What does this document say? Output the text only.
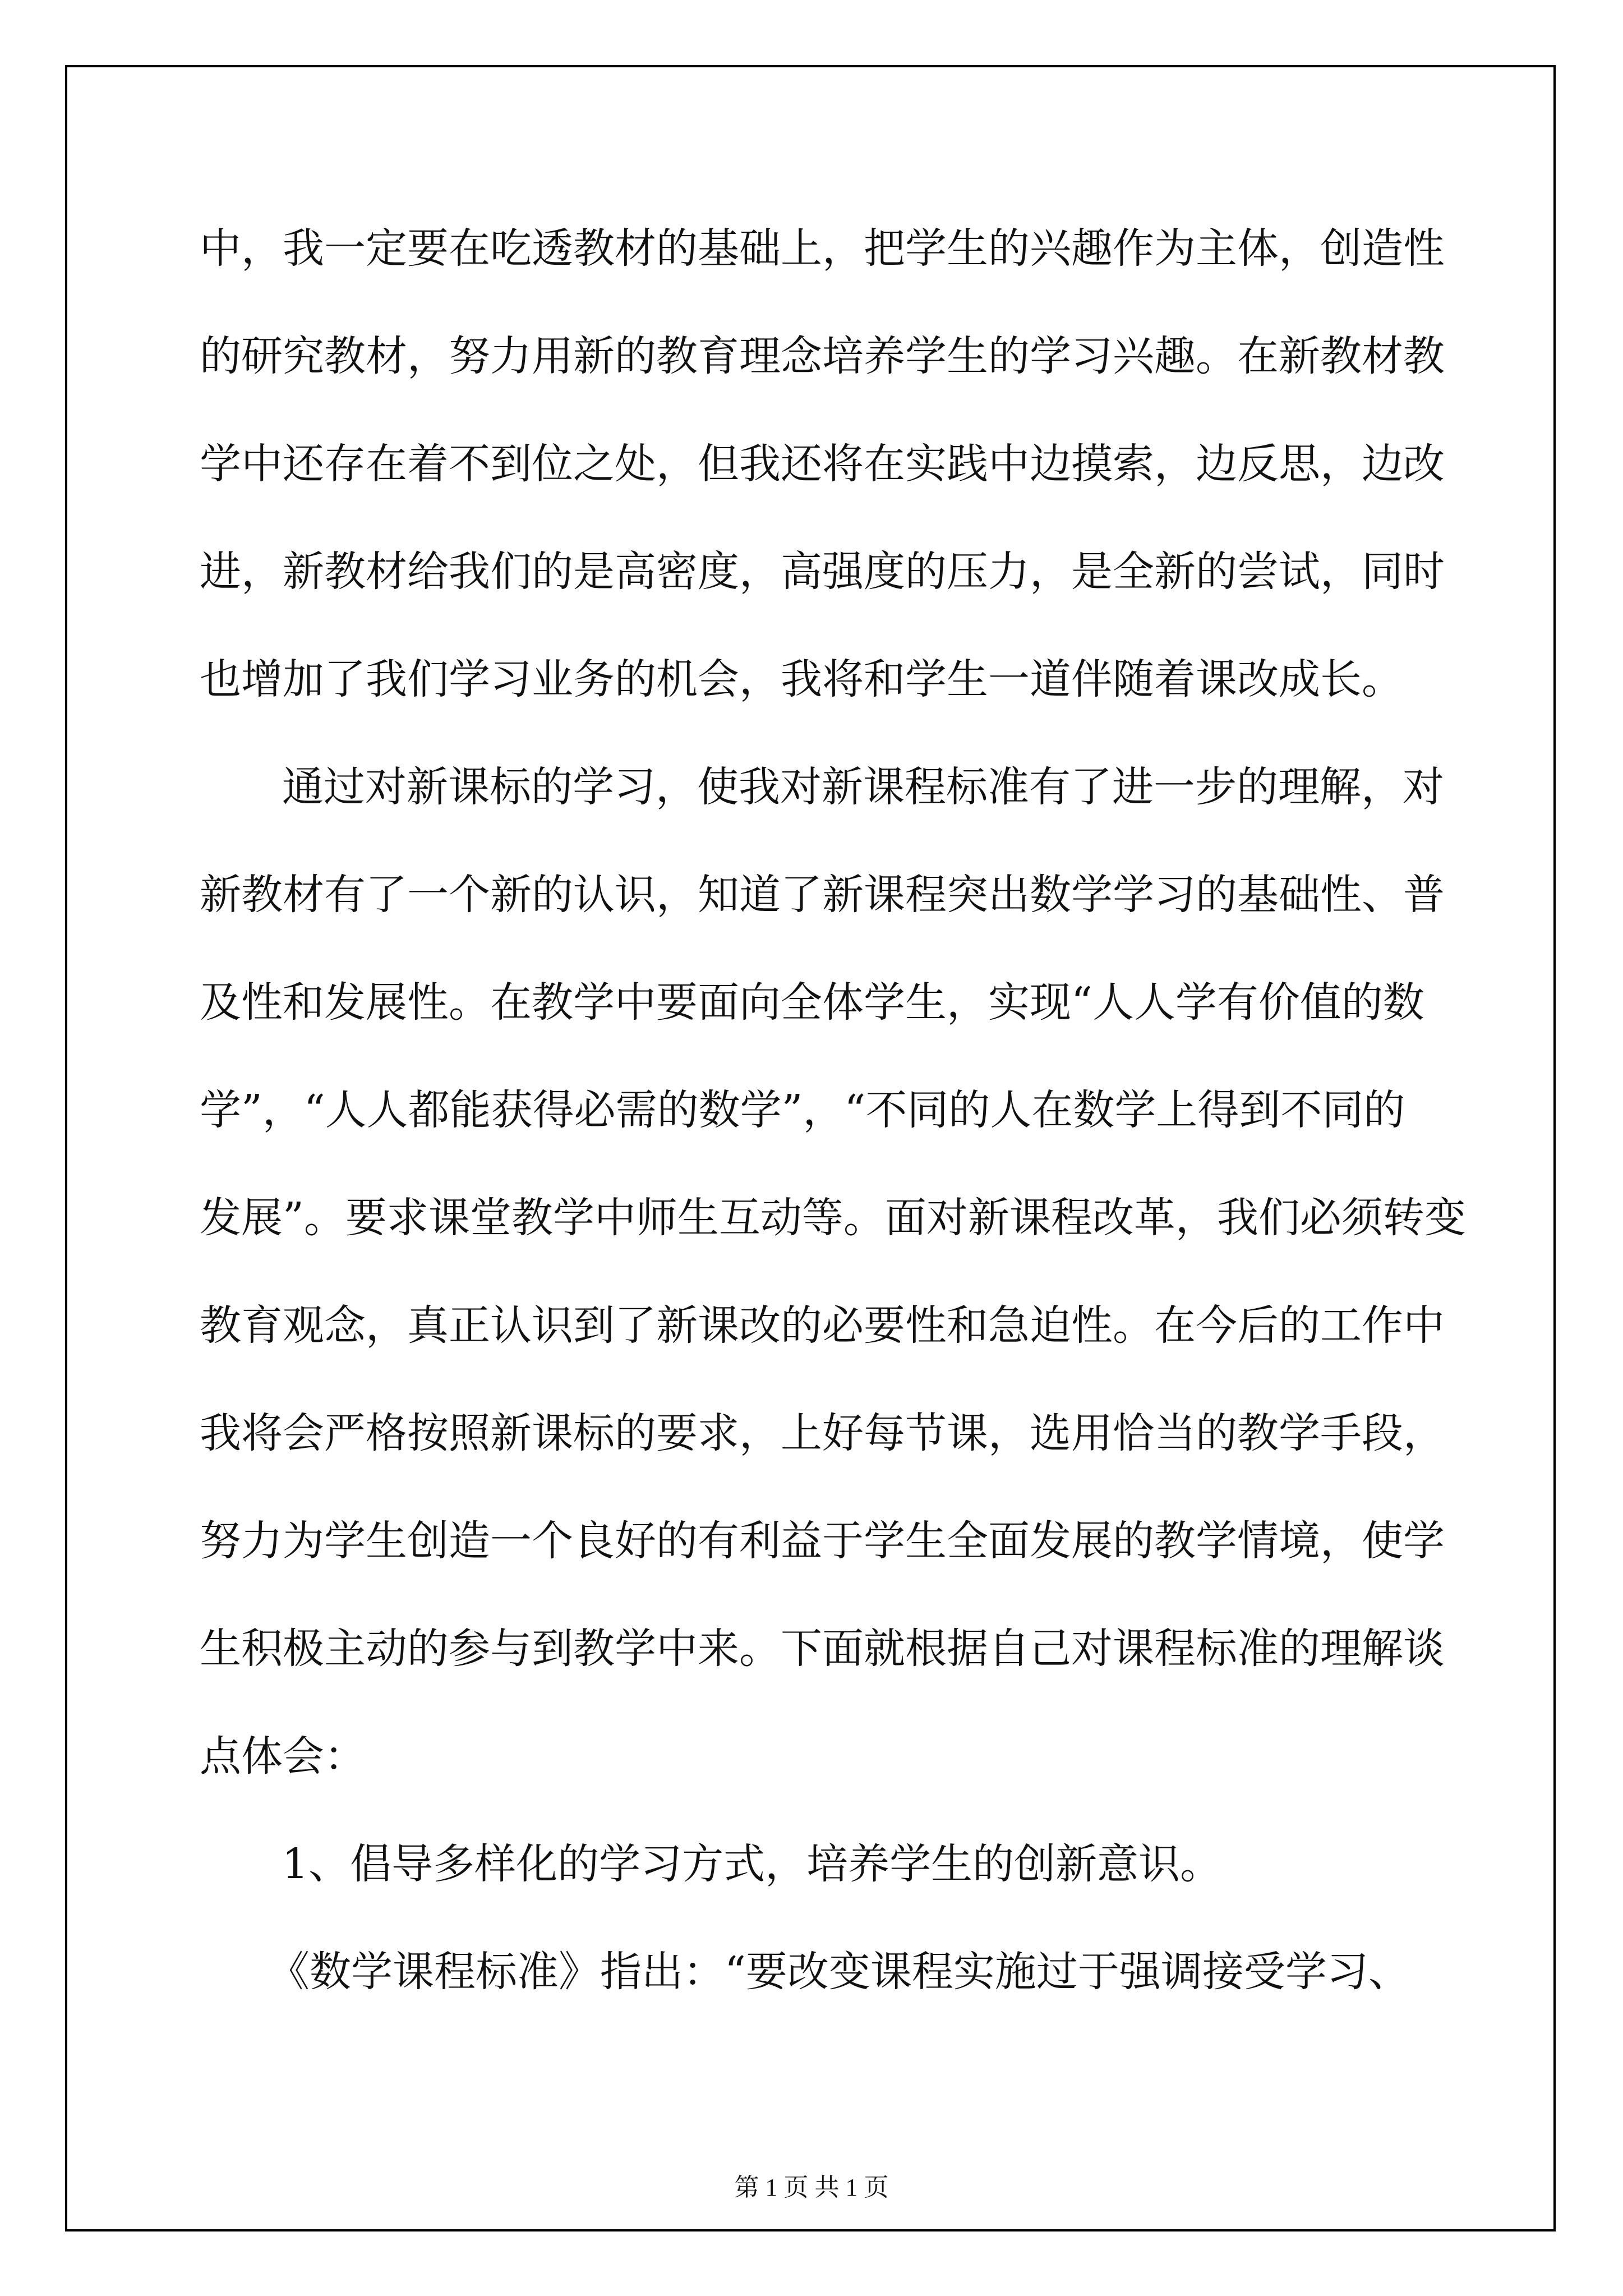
中，我一定要在吃透教材的基础上，把学生的兴趣作为主体，创造性

的研究教材，努力用新的教育理念培养学生的学习兴趣。在新教材教

学中还存在着不到位之处，但我还将在实践中边摸索，边反思，边改

进，新教材给我们的是高密度，高强度的压力，是全新的尝试，同时

也增加了我们学习业务的机会，我将和学生一道伴随着课改成长。

通过对新课标的学习，使我对新课程标准有了进一步的理解，对

新教材有了一个新的认识，知道了新课程突出数学学习的基础性、普

及性和发展性。在教学中要面向全体学生，实现“人人学有价值的数

学”，“人人都能获得必需的数学”，“不同的人在数学上得到不同的

发展”。要求课堂教学中师生互动等。面对新课程改革，我们必须转变

教育观念，真正认识到了新课改的必要性和急迫性。在今后的工作中

我将会严格按照新课标的要求，上好每节课，选用恰当的教学手段，

努力为学生创造一个良好的有利益于学生全面发展的教学情境，使学

生积极主动的参与到教学中来。下面就根据自己对课程标准的理解谈

点体会：

1、倡导多样化的学习方式，培养学生的创新意识。

《数学课程标准》指出：“要改变课程实施过于强调接受学习、

第 1 页 共 1 页
